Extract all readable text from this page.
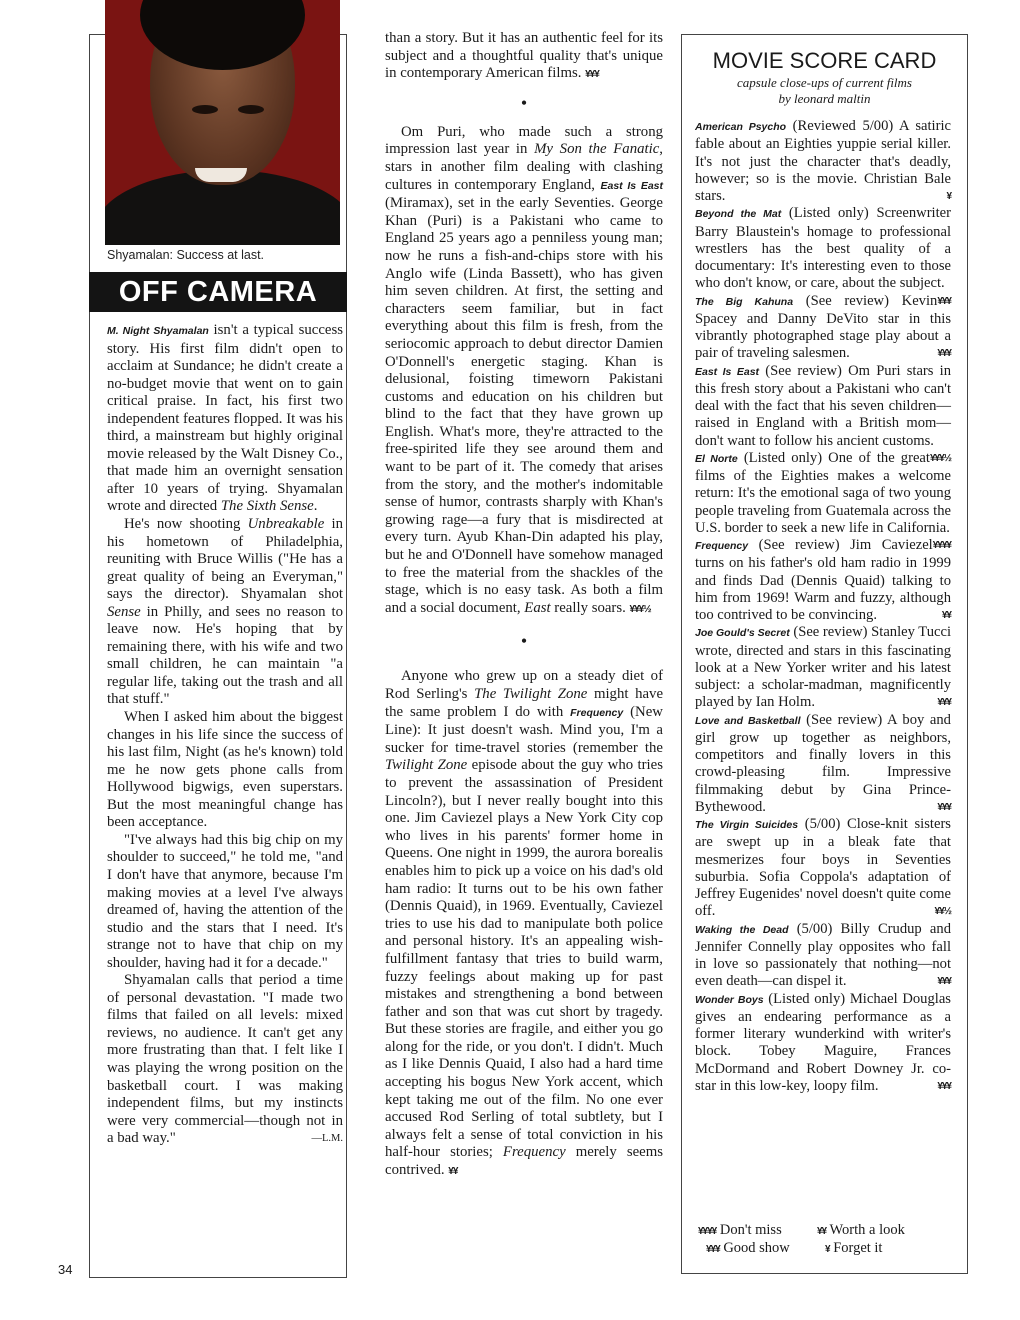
Shyamalan: Success at last.
OFF CAMERA

M. Night Shyamalan isn't a typical success story. His first film didn't open to acclaim at Sundance; he didn't create a no-budget movie that went on to gain critical praise. In fact, his first two independent features flopped. It was his third, a mainstream but highly original movie released by the Walt Disney Co., that made him an overnight sensation after 10 years of trying. Shyamalan wrote and directed The Sixth Sense.

He's now shooting Unbreakable in his hometown of Philadelphia, reuniting with Bruce Willis ("He has a great quality of being an Everyman," says the director). Shyamalan shot Sense in Philly, and sees no reason to leave now. He's hoping that by remaining there, with his wife and two small children, he can maintain "a regular life, taking out the trash and all that stuff."

When I asked him about the biggest changes in his life since the success of his last film, Night (as he's known) told me he now gets phone calls from Hollywood bigwigs, even superstars. But the most meaningful change has been acceptance.

"I've always had this big chip on my shoulder to succeed," he told me, "and I don't have that anymore, because I'm making movies at a level I've always dreamed of, having the attention of the studio and the stars that I need. It's strange not to have that chip on my shoulder, having had it for a decade."

Shyamalan calls that period a time of personal devastation. "I made two films that failed on all levels: mixed reviews, no audience. It can't get any more frustrating than that. I felt like I was playing the wrong position on the basketball court. I was making independent films, but my instincts were very commercial—though not in a bad way."	—L.M.

than a story. But it has an authentic feel for its subject and a thoughtful quality that's unique in contemporary American films. ¥¥¥

•

Om Puri, who made such a strong impression last year in My Son the Fanatic, stars in another film dealing with clashing cultures in contemporary England, East Is East (Miramax), set in the early Seventies. George Khan (Puri) is a Pakistani who came to England 25 years ago a penniless young man; now he runs a fish-and-chips store with his Anglo wife (Linda Bassett), who has given him seven children. At first, the setting and characters seem familiar, but in fact everything about this film is fresh, from the seriocomic approach to debut director Damien O'Donnell's energetic staging. Khan is delusional, foisting timeworn Pakistani customs and education on his children but blind to the fact that they have grown up English. What's more, they're attracted to the free-spirited life they see around them and want to be part of it. The comedy that arises from the story, and the mother's indomitable sense of humor, contrasts sharply with Khan's growing rage—a fury that is misdirected at every turn. Ayub Khan-Din adapted his play, but he and O'Donnell have somehow managed to free the material from the shackles of the stage, which is no easy task. As both a film and a social document, East really soars. ¥¥¥½

•

Anyone who grew up on a steady diet of Rod Serling's The Twilight Zone might have the same problem I do with Frequency (New Line): It just doesn't wash. Mind you, I'm a sucker for time-travel stories (remember the Twilight Zone episode about the guy who tries to prevent the assassination of President Lincoln?), but I never really bought into this one. Jim Caviezel plays a New York City cop who lives in his parents' former home in Queens. One night in 1999, the aurora borealis enables him to pick up a voice on his dad's old ham radio: It turns out to be his own father (Dennis Quaid), in 1969. Eventually, Caviezel tries to use his dad to manipulate both police and personal history. It's an appealing wish-fulfillment fantasy that tries to build warm, fuzzy feelings about making up for past mistakes and strengthening a bond between father and son that was cut short by tragedy. But these stories are fragile, and either you go along for the ride, or you don't. I didn't. Much as I like Dennis Quaid, I also had a hard time accepting his bogus New York accent, which kept taking me out of the film. No one ever accused Rod Serling of total subtlety, but I always felt a sense of total conviction in his half-hour stories; Frequency merely seems contrived. ¥¥

MOVIE SCORE CARD
capsule close-ups of current films
by leonard maltin

American Psycho (Reviewed 5/00) A satiric fable about an Eighties yuppie serial killer. It's not just the character that's deadly, however; so is the movie. Christian Bale stars.	¥

Beyond the Mat (Listed only) Screenwriter Barry Blaustein's homage to professional wrestlers has the best quality of a documentary: It's interesting even to those who don't know, or care, about the subject.
¥¥¥

The Big Kahuna (See review) Kevin Spacey and Danny DeVito star in this vibrantly photographed stage play about a pair of traveling salesmen.	¥¥¥

East Is East (See review) Om Puri stars in this fresh story about a Pakistani who can't deal with the fact that his seven children—raised in England with a British mom—don't want to follow his ancient customs.
¥¥¥½

El Norte (Listed only) One of the great films of the Eighties makes a welcome return: It's the emotional saga of two young people traveling from Guatemala across the U.S. border to seek a new life in California.
¥¥¥¥

Frequency (See review) Jim Caviezel turns on his father's old ham radio in 1999 and finds Dad (Dennis Quaid) talking to him from 1969! Warm and fuzzy, although too contrived to be convincing.	¥¥

Joe Gould's Secret (See review) Stanley Tucci wrote, directed and stars in this fascinating look at a New Yorker writer and his latest subject: a scholar-madman, magnificently played by Ian Holm.	¥¥¥

Love and Basketball (See review) A boy and girl grow up together as neighbors, competitors and finally lovers in this crowd-pleasing film. Impressive filmmaking debut by Gina Prince-Bythewood.	¥¥¥

The Virgin Suicides (5/00) Close-knit sisters are swept up in a bleak fate that mesmerizes four boys in Seventies suburbia. Sofia Coppola's adaptation of Jeffrey Eugenides' novel doesn't quite come off.	¥¥½

Waking the Dead (5/00) Billy Crudup and Jennifer Connelly play opposites who fall in love so passionately that nothing—not even death—can dispel it.	¥¥¥

Wonder Boys (Listed only) Michael Douglas gives an endearing performance as a former literary wunderkind with writer's block. Tobey Maguire, Frances McDormand and Robert Downey Jr. co-star in this low-key, loopy film.	¥¥¥

¥¥¥¥ Don't miss	¥¥ Worth a look
¥¥¥ Good show	¥ Forget it
34
